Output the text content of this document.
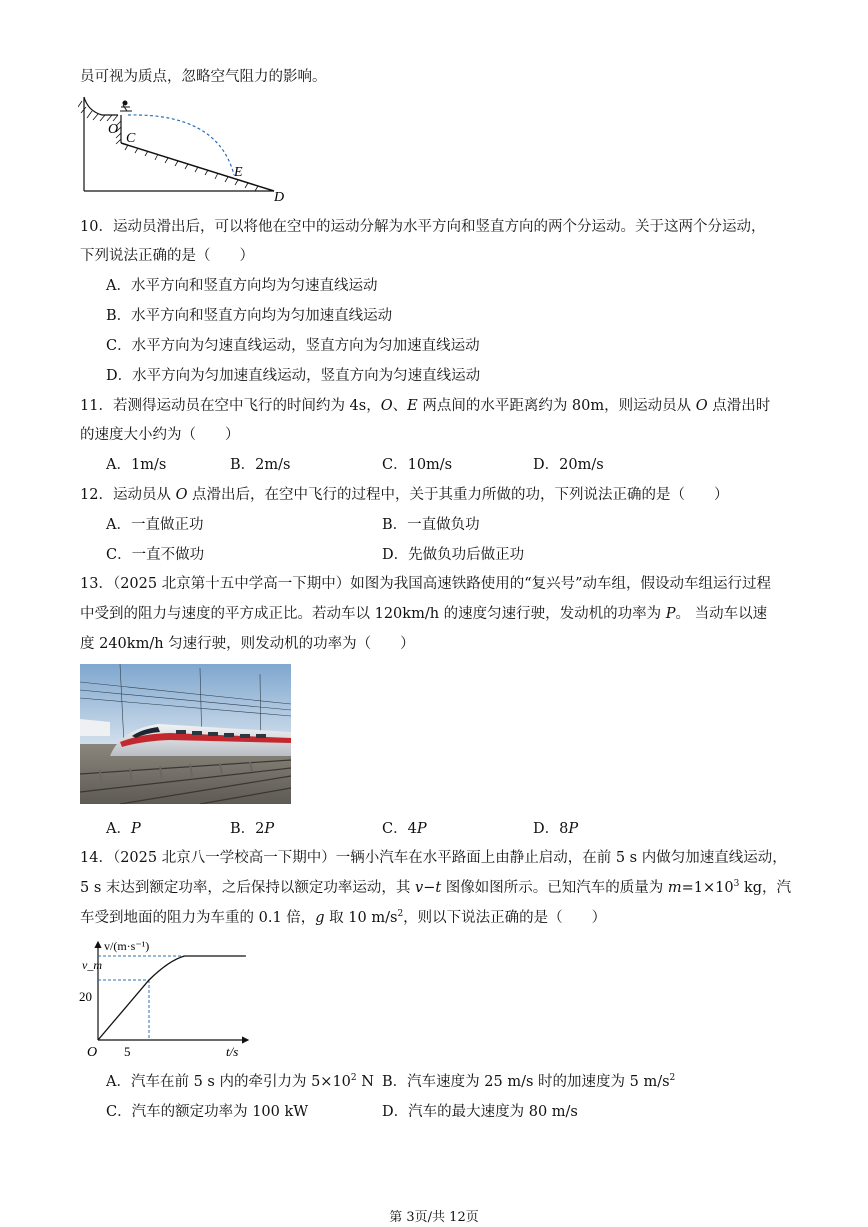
员可视为质点，忽略空气阻力的影响。
O
C
E
D
10．运动员滑出后，可以将他在空中的运动分解为水平方向和竖直方向的两个分运动。关于这两个分运动，
下列说法正确的是（　　）
A．水平方向和竖直方向均为匀速直线运动
B．水平方向和竖直方向均为匀加速直线运动
C．水平方向为匀速直线运动，竖直方向为匀加速直线运动
D．水平方向为匀加速直线运动，竖直方向为匀速直线运动
11．若测得运动员在空中飞行的时间约为 4s，O、E 两点间的水平距离约为 80m，则运动员从 O 点滑出时
的速度大小约为（　　）
A．1m/s	B．2m/s	C．10m/s	D．20m/s
12．运动员从 O 点滑出后，在空中飞行的过程中，关于其重力所做的功，下列说法正确的是（　　）
A．一直做正功	B．一直做负功
C．一直不做功	D．先做负功后做正功
13．（2025 北京第十五中学高一下期中）如图为我国高速铁路使用的“复兴号”动车组，假设动车组运行过程
中受到的阻力与速度的平方成正比。若动车以 120km/h 的速度匀速行驶，发动机的功率为 P。 当动车以速
度 240km/h 匀速行驶，则发动机的功率为（　　）
A．P	B．2P	C．4P	D．8P
14．（2025 北京八一学校高一下期中）一辆小汽车在水平路面上由静止启动，在前 5 s 内做匀加速直线运动，
5 s 末达到额定功率，之后保持以额定功率运动，其 v−t 图像如图所示。已知汽车的质量为 $m=1\times 10^3$ kg，汽
车受到地面的阻力为车重的 0.1 倍，g 取 10 $m/s^2$，则以下说法正确的是（　　）
v/(m·s⁻¹)
t/s
O
20
v_m
5
A．汽车在前 5 s 内的牵引力为 $5\times 10^2$ N B．汽车速度为 25 m/s 时的加速度为 5 $m/s^2$
C．汽车的额定功率为 100 kW	D．汽车的最大速度为 80 m/s
第 3页/共 12页
